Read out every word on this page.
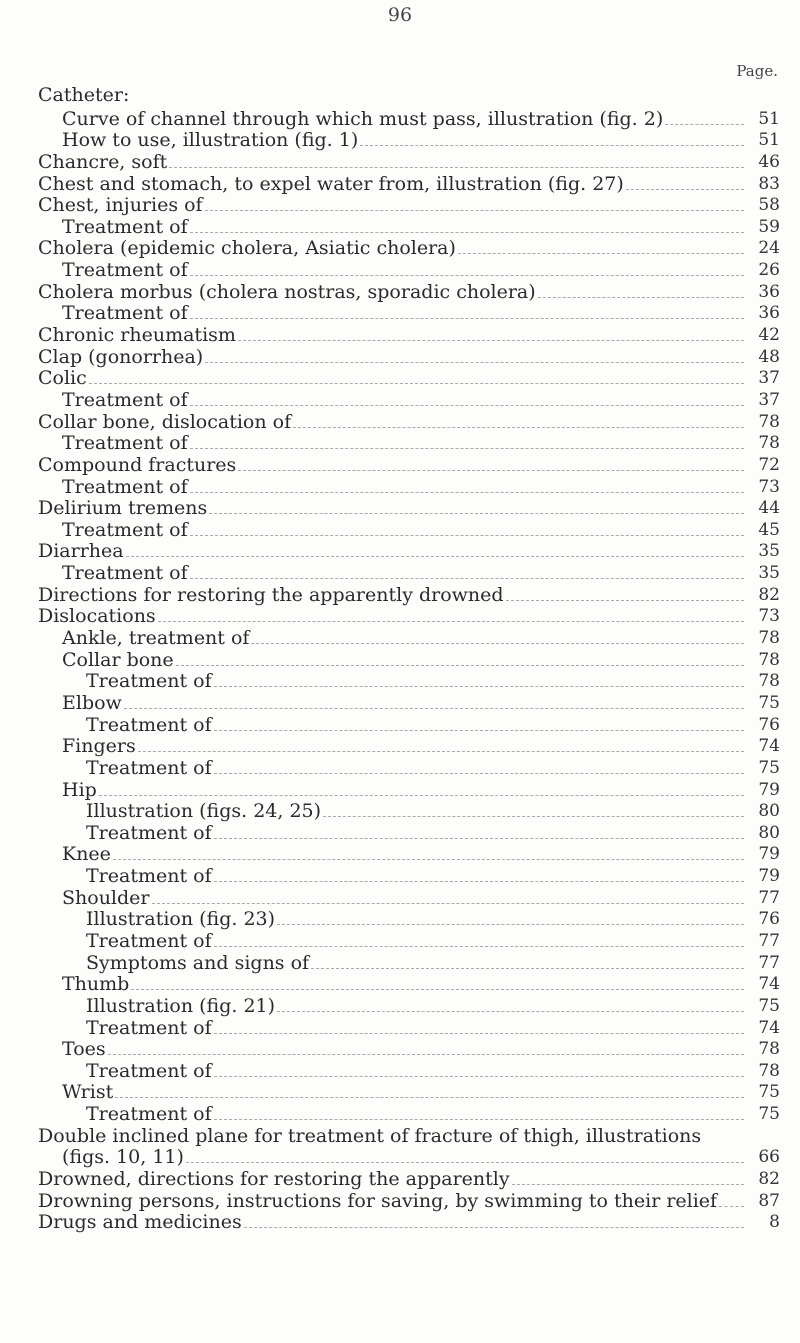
96
Page.
Catheter:
Curve of channel through which must pass, illustration (fig. 2)	51
How to use, illustration (fig. 1)	51
Chancre, soft	46
Chest and stomach, to expel water from, illustration (fig. 27)	83
Chest, injuries of	58
Treatment of	59
Cholera (epidemic cholera, Asiatic cholera)	24
Treatment of	26
Cholera morbus (cholera nostras, sporadic cholera)	36
Treatment of	36
Chronic rheumatism	42
Clap (gonorrhea)	48
Colic	37
Treatment of	37
Collar bone, dislocation of	78
Treatment of	78
Compound fractures	72
Treatment of	73
Delirium tremens	44
Treatment of	45
Diarrhea	35
Treatment of	35
Directions for restoring the apparently drowned	82
Dislocations	73
Ankle, treatment of	78
Collar bone	78
Treatment of	78
Elbow	75
Treatment of	76
Fingers	74
Treatment of	75
Hip	79
Illustration (figs. 24, 25)	80
Treatment of	80
Knee	79
Treatment of	79
Shoulder	77
Illustration (fig. 23)	76
Treatment of	77
Symptoms and signs of	77
Thumb	74
Illustration (fig. 21)	75
Treatment of	74
Toes	78
Treatment of	78
Wrist	75
Treatment of	75
Double inclined plane for treatment of fracture of thigh, illustrations
(figs. 10, 11)	66
Drowned, directions for restoring the apparently	82
Drowning persons, instructions for saving, by swimming to their relief	87
Drugs and medicines	8
